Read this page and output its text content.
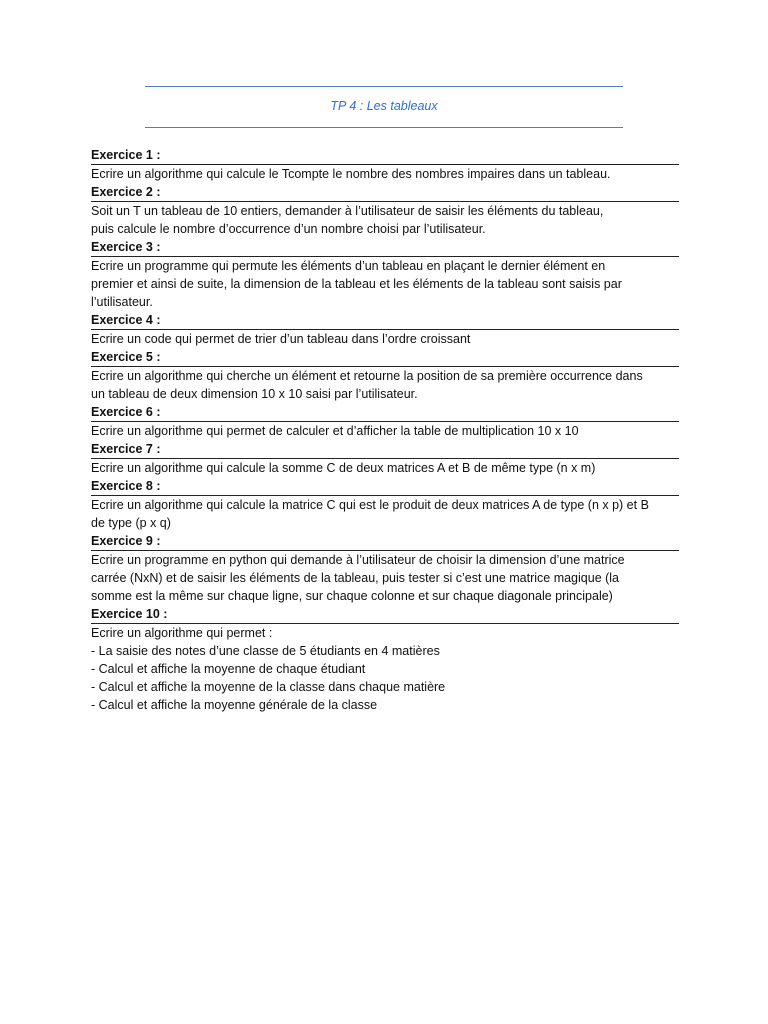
TP 4 : Les tableaux
Exercice 1 :
Ecrire un algorithme qui calcule le Tcompte le nombre des nombres impaires dans un tableau.
Exercice 2 :
Soit un T un tableau de 10 entiers, demander à l’utilisateur de saisir les éléments du tableau,
puis calcule le nombre d’occurrence d’un nombre choisi par l’utilisateur.
Exercice 3 :
Ecrire un programme qui permute les éléments d’un tableau en plaçant le dernier élément en
premier et ainsi de suite, la dimension de la tableau et les éléments de la tableau sont saisis par
l’utilisateur.
Exercice 4 :
Ecrire un code qui permet de trier d’un tableau dans l’ordre croissant
Exercice 5 :
Ecrire un algorithme qui cherche un élément et retourne la position de sa première occurrence dans
un tableau de deux dimension 10 x 10 saisi par l’utilisateur.
Exercice 6 :
Ecrire un algorithme qui permet de calculer et d’afficher la table de multiplication 10 x 10
Exercice 7 :
Ecrire un algorithme qui calcule la somme C de deux matrices A et B de même type (n x m)
Exercice 8 :
Ecrire un algorithme qui calcule la matrice C qui est le produit de deux matrices A de type (n x p) et B
de type (p x q)
Exercice 9 :
Ecrire un programme en python qui demande à l’utilisateur de choisir la dimension d’une matrice
carrée (NxN) et de saisir les éléments de la tableau, puis tester si c’est une matrice magique (la
somme est la même sur chaque ligne, sur chaque colonne et sur chaque diagonale principale)
Exercice 10 :
Ecrire un algorithme qui permet :
- La saisie des notes d’une classe de 5 étudiants en 4 matières
- Calcul et affiche la moyenne de chaque étudiant
- Calcul et affiche la moyenne de la classe dans chaque matière
- Calcul et affiche la moyenne générale de la classe
